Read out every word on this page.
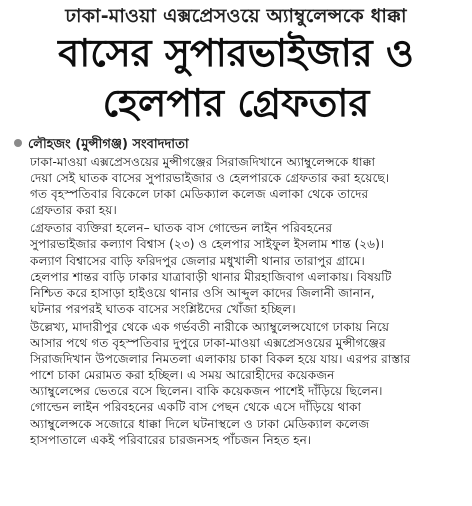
ঢাকা-মাওয়া এক্সপ্রেসওয়ে অ্যাম্বুলেন্সকে ধাক্কা
বাসের সুপারভাইজার ও
হেলপার গ্রেফতার
লৌহজং (মুন্সীগঞ্জ) সংবাদদাতা
ঢাকা-মাওয়া এক্সপ্রেসওয়ের মুন্সীগঞ্জের সিরাজদিখানে অ্যাম্বুলেন্সকে ধাক্কা
দেয়া সেই ঘাতক বাসের সুপারভাইজার ও হেলপারকে গ্রেফতার করা হয়েছে।
গত বৃহস্পতিবার বিকেলে ঢাকা মেডিক্যাল কলেজ এলাকা থেকে তাদের
গ্রেফতার করা হয়।
গ্রেফতার ব্যক্তিরা হলেন– ঘাতক বাস গোল্ডেন লাইন পরিবহনের
সুপারভাইজার কল্যাণ বিশ্বাস (২৩) ও হেলপার সাইফুল ইসলাম শান্ত (২৬)।
কল্যাণ বিশ্বাসের বাড়ি ফরিদপুর জেলার মধুখালী থানার তারাপুর গ্রামে।
হেলপার শান্তর বাড়ি ঢাকার যাত্রাবাড়ী থানার মীরহাজিবাগ এলাকায়। বিষয়টি
নিশ্চিত করে হাসাড়া হাইওয়ে থানার ওসি আব্দুল কাদের জিলানী জানান,
ঘটনার পরপরই ঘাতক বাসের সংশ্লিষ্টদের খোঁজা হচ্ছিল।
উল্লেখ্য, মাদারীপুর থেকে এক গর্ভবতী নারীকে অ্যাম্বুলেন্সযোগে ঢাকায় নিয়ে
আসার পথে গত বৃহস্পতিবার দুপুরে ঢাকা-মাওয়া এক্সপ্রেসওয়ের মুন্সীগঞ্জের
সিরাজদিখান উপজেলার নিমতলা এলাকায় চাকা বিকল হয়ে যায়। এরপর রাস্তার
পাশে চাকা মেরামত করা হচ্ছিল। এ সময় আরোহীদের কয়েকজন
অ্যাম্বুলেন্সের ভেতরে বসে ছিলেন। বাকি কয়েকজন পাশেই দাঁড়িয়ে ছিলেন।
গোল্ডেন লাইন পরিবহনের একটি বাস পেছন থেকে এসে দাঁড়িয়ে থাকা
অ্যাম্বুলেন্সকে সজোরে ধাক্কা দিলে ঘটনাস্থলে ও ঢাকা মেডিক্যাল কলেজ
হাসপাতালে একই পরিবারের চারজনসহ পাঁচজন নিহত হন।
